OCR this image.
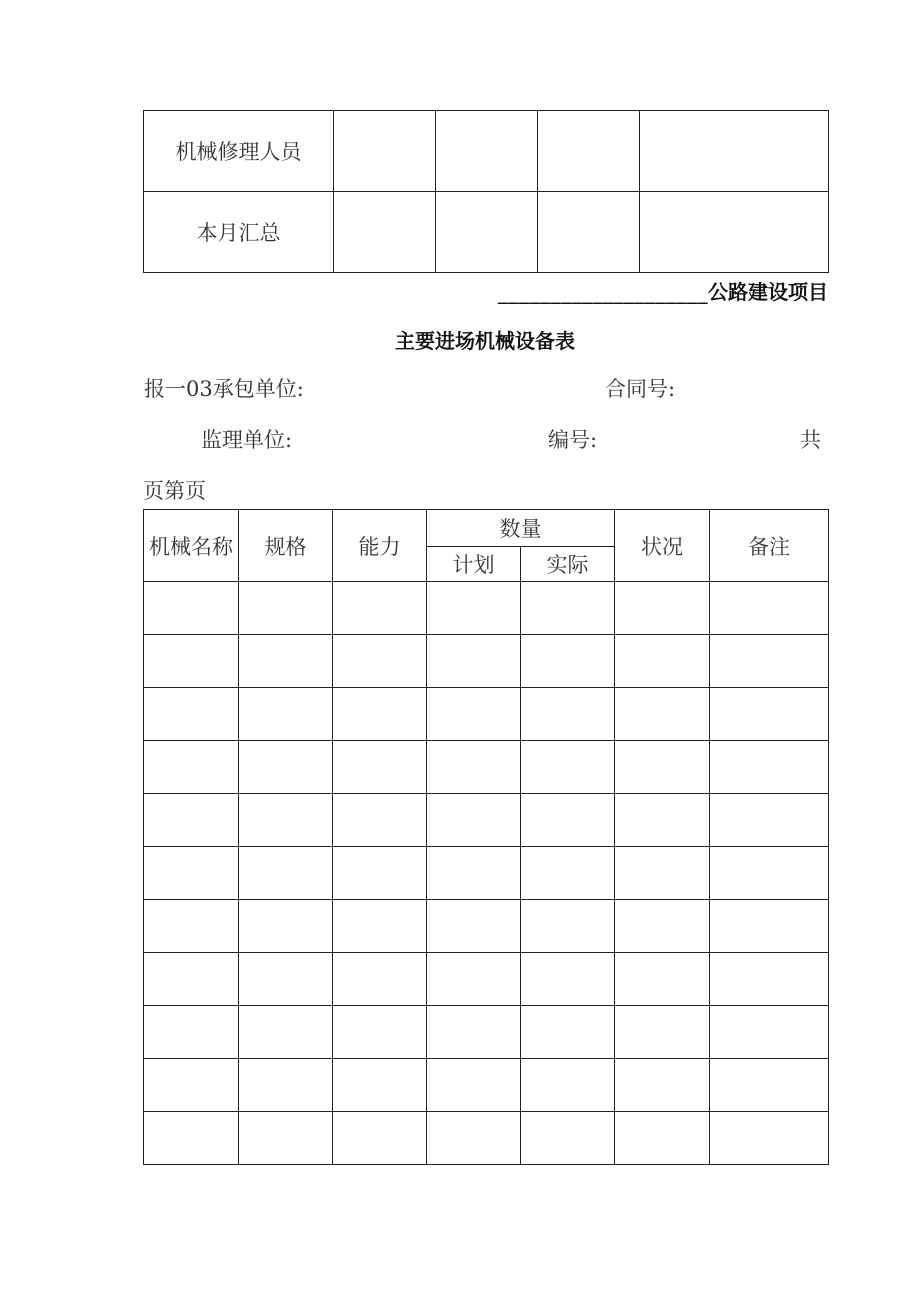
机械修理人员				
本月汇总				
____________________公路建设项目
主要进场机械设备表
报一03承包单位:	合同号:
监理单位:	编号:	共
页第页
机械名称	规格	能力	数量		状况	备注
			计划	实际		
